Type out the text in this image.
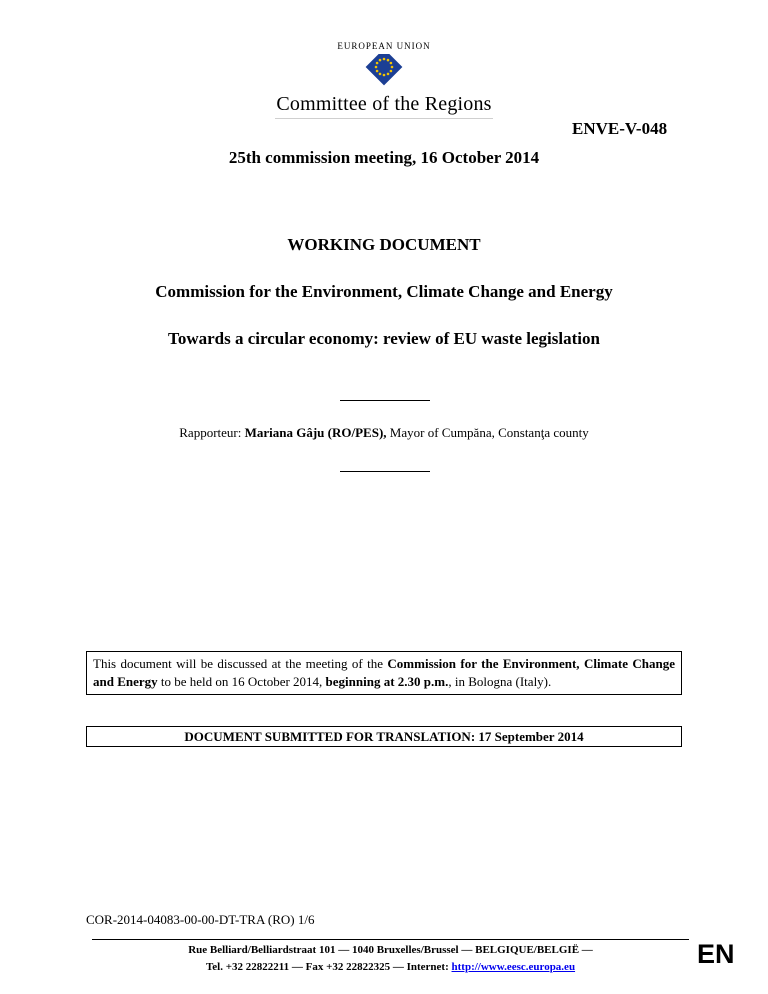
EUROPEAN UNION
Committee of the Regions
ENVE-V-048
25th commission meeting, 16 October 2014
WORKING DOCUMENT
Commission for the Environment, Climate Change and Energy
Towards a circular economy: review of EU waste legislation
Rapporteur: Mariana Gâju (RO/PES), Mayor of Cumpăna, Constanţa county
This document will be discussed at the meeting of the Commission for the Environment, Climate Change and Energy to be held on 16 October 2014, beginning at 2.30 p.m., in Bologna (Italy).
DOCUMENT SUBMITTED FOR TRANSLATION: 17 September 2014
COR-2014-04083-00-00-DT-TRA (RO) 1/6
Rue Belliard/Belliardstraat 101 — 1040 Bruxelles/Brussel — BELGIQUE/BELGIË —
Tel. +32 22822211 — Fax +32 22822325 — Internet: http://www.eesc.europa.eu	EN
